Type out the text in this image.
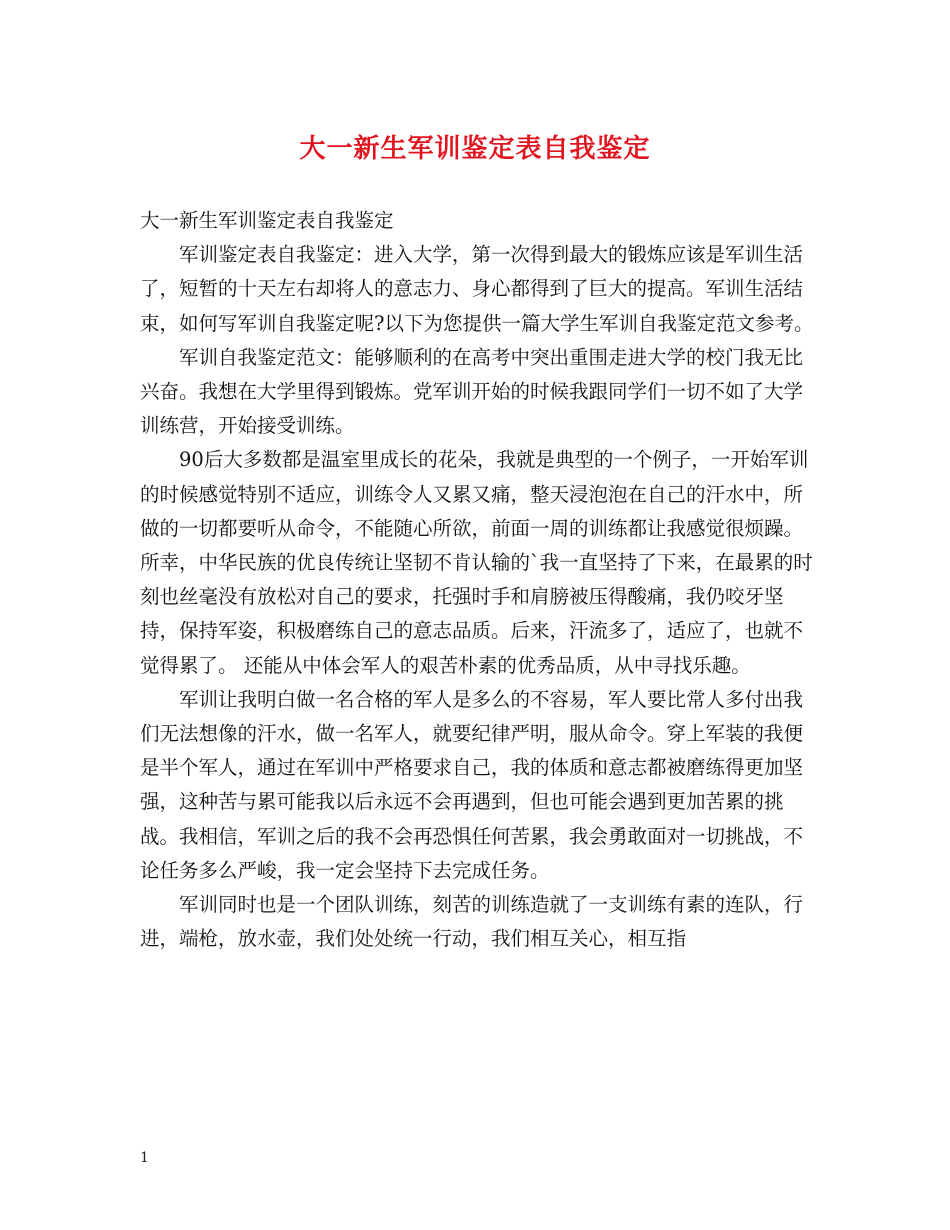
大一新生军训鉴定表自我鉴定

大一新生军训鉴定表自我鉴定

军训鉴定表自我鉴定：进入大学，第一次得到最大的锻炼应该是军训生活了，短暂的十天左右却将人的意志力、身心都得到了巨大的提高。军训生活结束，如何写军训自我鉴定呢?以下为您提供一篇大学生军训自我鉴定范文参考。

军训自我鉴定范文：能够顺利的在高考中突出重围走进大学的校门我无比兴奋。我想在大学里得到锻炼。党军训开始的时候我跟同学们一切不如了大学训练营，开始接受训练。

90后大多数都是温室里成长的花朵，我就是典型的一个例子，一开始军训的时候感觉特别不适应，训练令人又累又痛，整天浸泡泡在自己的汗水中，所做的一切都要听从命令，不能随心所欲，前面一周的训练都让我感觉很烦躁。所幸，中华民族的优良传统让坚韧不肯认输的`我一直坚持了下来，在最累的时刻也丝毫没有放松对自己的要求，托强时手和肩膀被压得酸痛，我仍咬牙坚持，保持军姿，积极磨练自己的意志品质。后来，汗流多了，适应了，也就不觉得累了。 还能从中体会军人的艰苦朴素的优秀品质，从中寻找乐趣。

军训让我明白做一名合格的军人是多么的不容易，军人要比常人多付出我们无法想像的汗水，做一名军人，就要纪律严明，服从命令。穿上军装的我便是半个军人，通过在军训中严格要求自己，我的体质和意志都被磨练得更加坚强，这种苦与累可能我以后永远不会再遇到，但也可能会遇到更加苦累的挑战。我相信，军训之后的我不会再恐惧任何苦累，我会勇敢面对一切挑战，不论任务多么严峻，我一定会坚持下去完成任务。

军训同时也是一个团队训练，刻苦的训练造就了一支训练有素的连队，行进，端枪，放水壶，我们处处统一行动，我们相互关心，相互指

1
